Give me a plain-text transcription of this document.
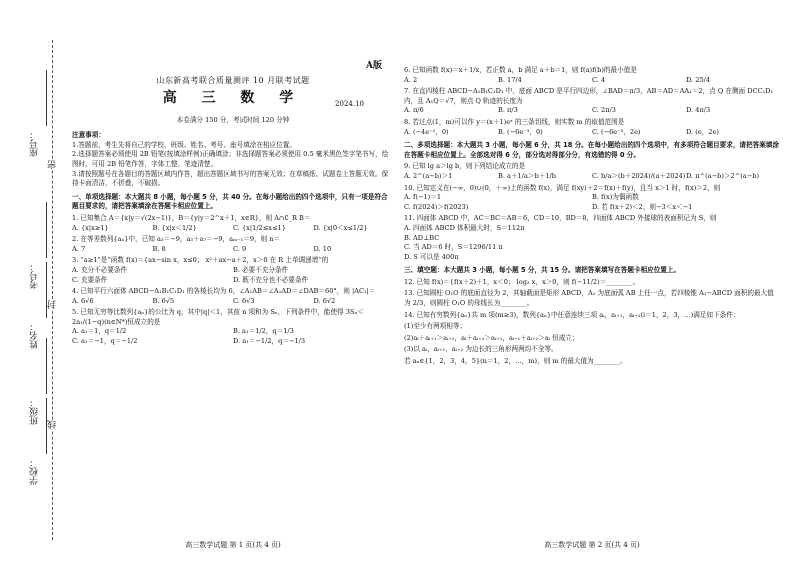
座号：
考号：
姓名：
班级：
学校：
密
封
线
A版
山东新高考联合质量测评 10 月联考试题
高 三 数 学	2024.10
本卷满分 150 分，考试时间 120 分钟

注意事项：

1.答题前，考生先将自己的学校、班级、姓名、考号、座号填涂在相应位置。

2.选择题答案必须使用 2B 铅笔(按填涂样例)正确填涂；非选择题答案必须使用 0.5 毫米黑色签字笔书写，绘图时，可用 2B 铅笔作答，字体工整、笔迹清楚。

3.请按照题号在各题目的答题区域内作答，超出答题区域书写的答案无效；在草稿纸、试题卷上答题无效。保持卡面清洁，不折叠，不破损。

一、单项选择题：本大题共 8 小题，每小题 5 分，共 40 分。在每小题给出的四个选项中，只有一项是符合题目要求的，请把答案填涂在答题卡相应位置上。

1. 已知集合 A＝{x|y＝√(2x−1)}，B＝{y|y＝2^x＋1，x∈R}，则 A∩∁_R B＝

A. {x|x≥1}	B. {x|x＜1/2}	C. {x|1/2≤x≤1}	D. {x|0＜x≤1/2}

2. 在等差数列{aₙ}中，已知 a₃＝−9，a₃＋a₇＝−9，aₘ₋₁＝9，则 n＝

A. 7	B. 8	C. 9	D. 10

3. “a≥1”是“函数 f(x)＝{ax−sin x，x≤0； x²＋ax−a＋2，x＞0 在 R 上单调递增”的

A. 充分不必要条件	B. 必要不充分条件
C. 充要条件	D. 既不充分也不必要条件

4. 已知平行六面体 ABCD−A₁B₁C₁D₁ 的各棱长均为 6，∠A₁AB＝∠A₁AD＝∠DAB＝60°，则 |AC₁|＝

A. 6√6	B. 6√5	C. 6√3	D. 6√2

5. 已知无穷等比数列{aₙ}的公比为 q，其中|q|＜1，其前 n 项和为 Sₙ，下列条件中，能使得 3Sₙ＜2a₁/(1−q)(n∈N*)恒成立的是

A. a₁＝1，q＝1/2	B. a₁＝1/2，q＝1/3
C. a₁＝−1，q＝−1/2	D. a₁＝−1/2，q＝−1/3

6. 已知函数 f(x)＝x＋1/x，若正数 a，b 满足 a＋b＝1，则 f(a)f(b)的最小值是

A. 2	B. 17/4	C. 4	D. 25/4

7. 在直四棱柱 ABCD−A₁B₁C₁D₁ 中，底面 ABCD 是平行四边形，∠BAD＝π/3，AB＝AD＝AA₁＝2，点 Q 在侧面 DCC₁D₁ 内，且 A₁Q＝√7，则点 Q 轨迹的长度为

A. π/6	B. π/3	C. 2π/3	D. 4π/3

8. 若过点(1，m)可以作 y＝(x＋1)eˣ 的三条切线，则实数 m 的取值范围是

A. (−4e⁻²，0)	B. (−6e⁻³，0)	C. (−6e⁻³，2e)	D. (e，2e)

二、多项选择题：本大题共 3 小题，每小题 6 分，共 18 分。在每小题给出的四个选项中，有多项符合题目要求，请把答案填涂在答题卡相应位置上。全部选对得 6 分，部分选对得部分分，有选错的得 0 分。

9. 已知 lg a＞lg b，则下列结论成立的是

A. 2^(a−b)＞1	B. a＋1/a＞b＋1/b	C. b/a＞(b＋2024)/(a＋2024) D. π^(a−b)＞2^(a−b)

10. 已知定义在(−∞，0)∪(0，＋∞)上的函数 f(x)，满足 f(xy)＋2＝f(x)＋f(y)，且当 x＞1 时，f(x)＞2，则

A. f(−1)＝1	B. f(x)为偶函数
C. f(2024)＞f(2023)	D. 若 f(x＋2)＜2，则−3＜x＜−1

11. 四面体 ABCD 中，AC＝BC＝AB＝6，CD＝10，BD＝8，四面体 ABCD 外接球的表面积记为 S，则

A. 四面体 ABCD 体积最大时，S＝112π
B. AD⊥BC
C. 当 AD＝6 时，S＝1296/11 π
D. S 可以是 400π

三、填空题：本大题共 3 小题，每小题 5 分，共 15 分。请把答案填写在答题卡相应位置上。

12. 已知 f(x)＝{f(x＋2)＋1，x＜0； log₂ x，x＞0，则 f(−11/2)＝________。

13. 已知圆柱 O₁O 的底面直径为 2，其轴截面是矩形 ABCD，A₁ 为底面弧 AB 上任一点，若四棱锥 A₁−ABCD 面积的最大值为 2/3，则圆柱 O₁O 的母线长为________。

14. 已知有穷数列{aₙ}共 m 项(m≥3)，数列{aₙ}中任意连续三项 aᵢ，aᵢ₊₁，aᵢ₊₂(i＝1，2，3，…)满足如下条件：

(1)至少有两项相等；

(2)aᵢ＋aᵢ₊₁＞aᵢ₊₂，aᵢ＋aᵢ₊₂＞aᵢ₊₁，aᵢ₊₁＋aᵢ₊₂＞aᵢ 恒成立；

(3)以 aᵢ，aᵢ₊₁，aᵢ₊₂ 为边长的三角形两两均不全等。

若 aₙ∈{1，2，3，4，5}(n＝1，2，…，m)，则 m 的最大值为________。

高三数学试题 第 1 页(共 4 页)	高三数学试题 第 2 页(共 4 页)
